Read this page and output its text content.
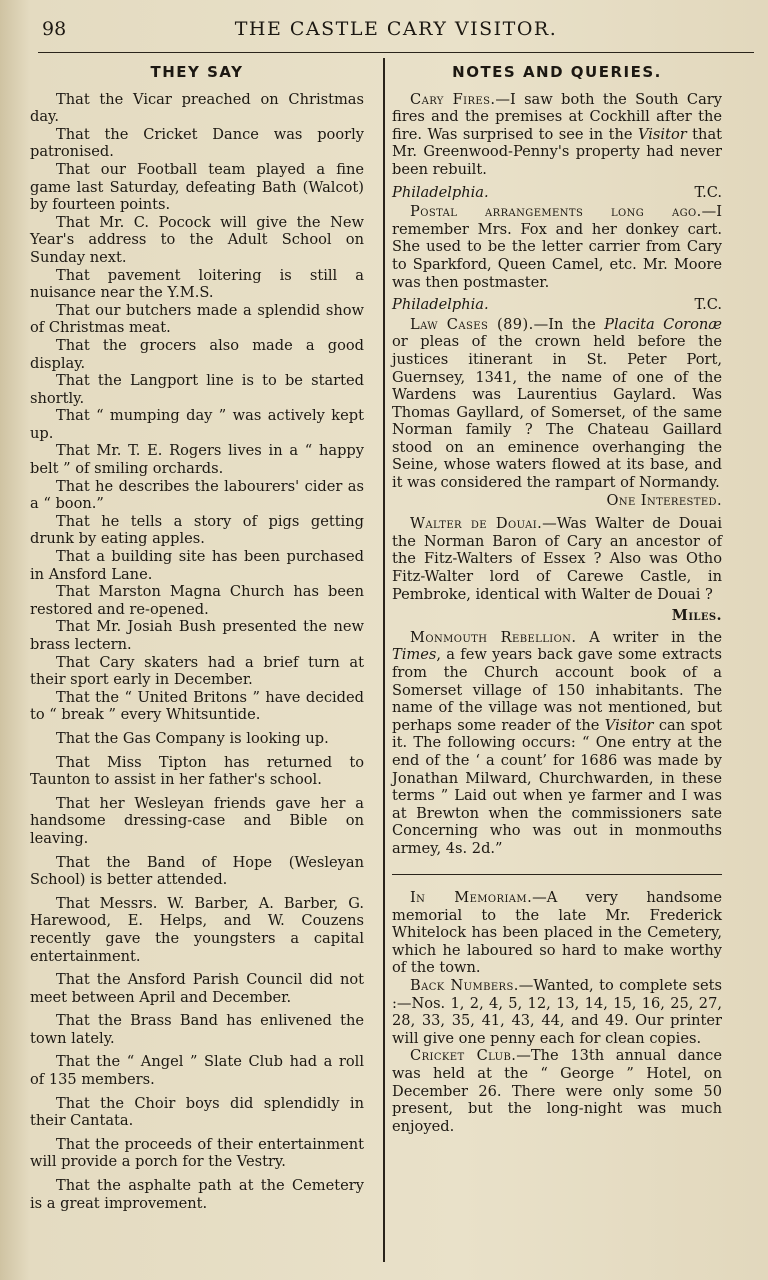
98	THE CASTLE CARY VISITOR.
THEY SAY

That the Vicar preached on Christmas day.

That the Cricket Dance was poorly patronised.

That our Football team played a fine game last Saturday, defeating Bath (Walcot) by fourteen points.

That Mr. C. Pocock will give the New Year's address to the Adult School on Sunday next.

That pavement loitering is still a nuisance near the Y.M.S.

That our butchers made a splendid show of Christmas meat.

That the grocers also made a good display.

That the Langport line is to be started shortly.

That “ mumping day ” was actively kept up.

That Mr. T. E. Rogers lives in a “ happy belt ” of smiling orchards.

That he describes the labourers' cider as a “ boon.”

That he tells a story of pigs getting drunk by eating apples.

That a building site has been purchased in Ansford Lane.

That Marston Magna Church has been restored and re-opened.

That Mr. Josiah Bush presented the new brass lectern.

That Cary skaters had a brief turn at their sport early in December.

That the “ United Britons ” have decided to “ break ” every Whitsuntide.

That the Gas Company is looking up.

That Miss Tipton has returned to Taunton to assist in her father's school.

That her Wesleyan friends gave her a handsome dressing-case and Bible on leaving.

That the Band of Hope (Wesleyan School) is better attended.

That Messrs. W. Barber, A. Barber, G. Harewood, E. Helps, and W. Couzens recently gave the youngsters a capital entertainment.

That the Ansford Parish Council did not meet between April and December.

That the Brass Band has enlivened the town lately.

That the “ Angel ” Slate Club had a roll of 135 members.

That the Choir boys did splendidly in their Cantata.

That the proceeds of their entertainment will provide a porch for the Vestry.

That the asphalte path at the Cemetery is a great improvement.

NOTES AND QUERIES.

Cary Fires.—I saw both the South Cary fires and the premises at Cockhill after the fire. Was surprised to see in the Visitor that Mr. Greenwood-Penny's property had never been rebuilt.

Philadelphia.	T.C.

Postal arrangements long ago.—I remember Mrs. Fox and her donkey cart. She used to be the letter carrier from Cary to Sparkford, Queen Camel, etc. Mr. Moore was then postmaster.

Philadelphia.	T.C.

Law Cases (89).—In the Placita Coronæ or pleas of the crown held before the justices itinerant in St. Peter Port, Guernsey, 1341, the name of one of the Wardens was Laurentius Gaylard. Was Thomas Gayllard, of Somerset, of the same Norman family ? The Chateau Gaillard stood on an eminence overhanging the Seine, whose waters flowed at its base, and it was considered the rampart of Normandy.

One Interested.

Walter de Douai.—Was Walter de Douai the Norman Baron of Cary an ancestor of the Fitz-Walters of Essex ? Also was Otho Fitz-Walter lord of Carewe Castle, in Pembroke, identical with Walter de Douai ?

Miles.

Monmouth Rebellion. A writer in the Times, a few years back gave some extracts from the Church account book of a Somerset village of 150 inhabitants. The name of the village was not mentioned, but perhaps some reader of the Visitor can spot it. The following occurs: “ One entry at the end of the ‘ a count’ for 1686 was made by Jonathan Milward, Churchwarden, in these terms ” Laid out when ye farmer and I was at Brewton when the commissioners sate Concerning who was out in monmouths armey, 4s. 2d.”

In Memoriam.—A very handsome memorial to the late Mr. Frederick Whitelock has been placed in the Cemetery, which he laboured so hard to make worthy of the town.

Back Numbers.—Wanted, to complete sets :—Nos. 1, 2, 4, 5, 12, 13, 14, 15, 16, 25, 27, 28, 33, 35, 41, 43, 44, and 49. Our printer will give one penny each for clean copies.

Cricket Club.—The 13th annual dance was held at the “ George ” Hotel, on December 26. There were only some 50 present, but the long-night was much enjoyed.
